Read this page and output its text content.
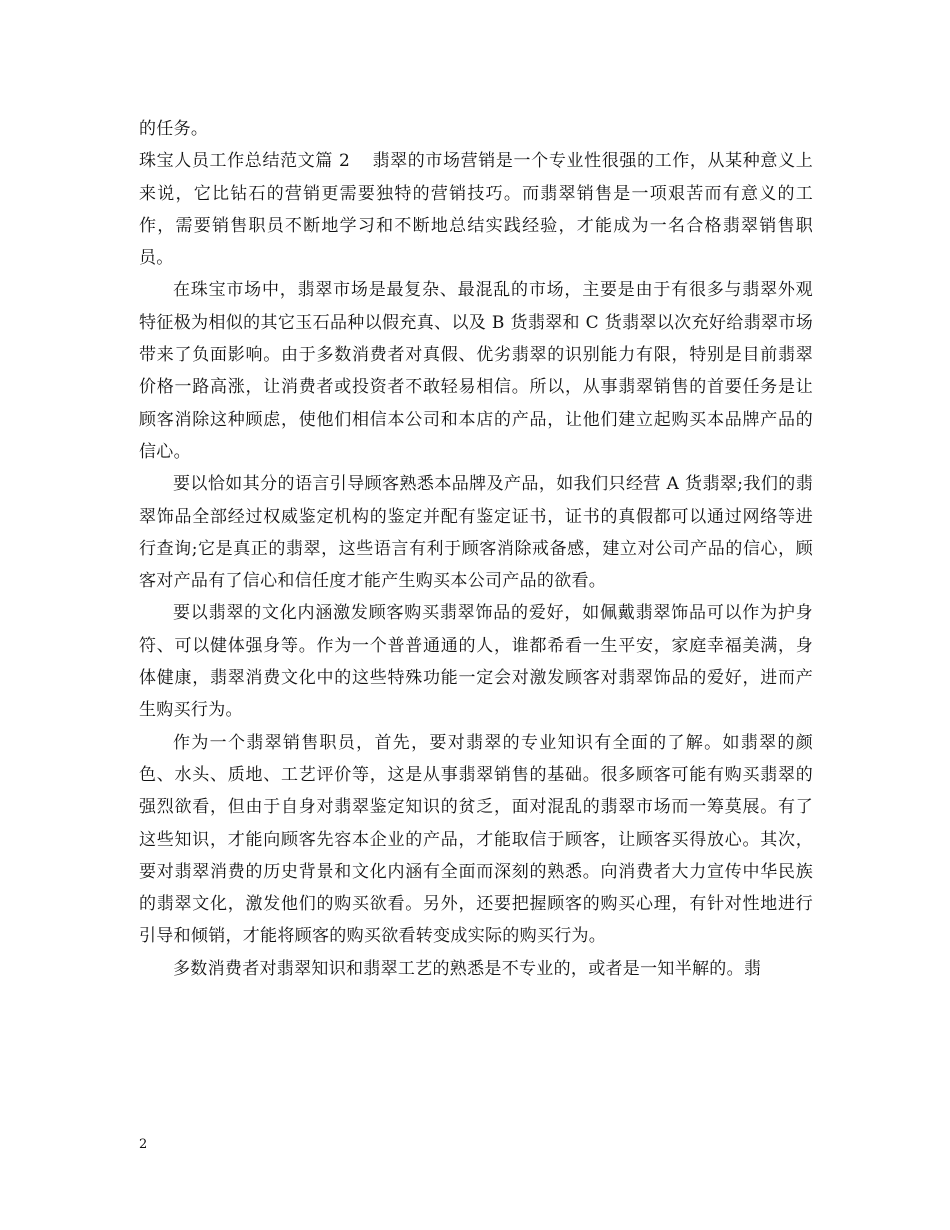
的任务。

珠宝人员工作总结范文篇 2 翡翠的市场营销是一个专业性很强的工作，从某种意义上来说，它比钻石的营销更需要独特的营销技巧。而翡翠销售是一项艰苦而有意义的工作，需要销售职员不断地学习和不断地总结实践经验，才能成为一名合格翡翠销售职员。

在珠宝市场中，翡翠市场是最复杂、最混乱的市场，主要是由于有很多与翡翠外观特征极为相似的其它玉石品种以假充真、以及 B 货翡翠和 C 货翡翠以次充好给翡翠市场带来了负面影响。由于多数消费者对真假、优劣翡翠的识别能力有限，特别是目前翡翠价格一路高涨，让消费者或投资者不敢轻易相信。所以，从事翡翠销售的首要任务是让顾客消除这种顾虑，使他们相信本公司和本店的产品，让他们建立起购买本品牌产品的信心。

要以恰如其分的语言引导顾客熟悉本品牌及产品，如我们只经营 A 货翡翠;我们的翡翠饰品全部经过权威鉴定机构的鉴定并配有鉴定证书，证书的真假都可以通过网络等进行查询;它是真正的翡翠，这些语言有利于顾客消除戒备感，建立对公司产品的信心，顾客对产品有了信心和信任度才能产生购买本公司产品的欲看。

要以翡翠的文化内涵激发顾客购买翡翠饰品的爱好，如佩戴翡翠饰品可以作为护身符、可以健体强身等。作为一个普普通通的人，谁都希看一生平安，家庭幸福美满，身体健康，翡翠消费文化中的这些特殊功能一定会对激发顾客对翡翠饰品的爱好，进而产生购买行为。

作为一个翡翠销售职员，首先，要对翡翠的专业知识有全面的了解。如翡翠的颜色、水头、质地、工艺评价等，这是从事翡翠销售的基础。很多顾客可能有购买翡翠的强烈欲看，但由于自身对翡翠鉴定知识的贫乏，面对混乱的翡翠市场而一筹莫展。有了这些知识，才能向顾客先容本企业的产品，才能取信于顾客，让顾客买得放心。其次，要对翡翠消费的历史背景和文化内涵有全面而深刻的熟悉。向消费者大力宣传中华民族的翡翠文化，激发他们的购买欲看。另外，还要把握顾客的购买心理，有针对性地进行引导和倾销，才能将顾客的购买欲看转变成实际的购买行为。

多数消费者对翡翠知识和翡翠工艺的熟悉是不专业的，或者是一知半解的。翡

2
